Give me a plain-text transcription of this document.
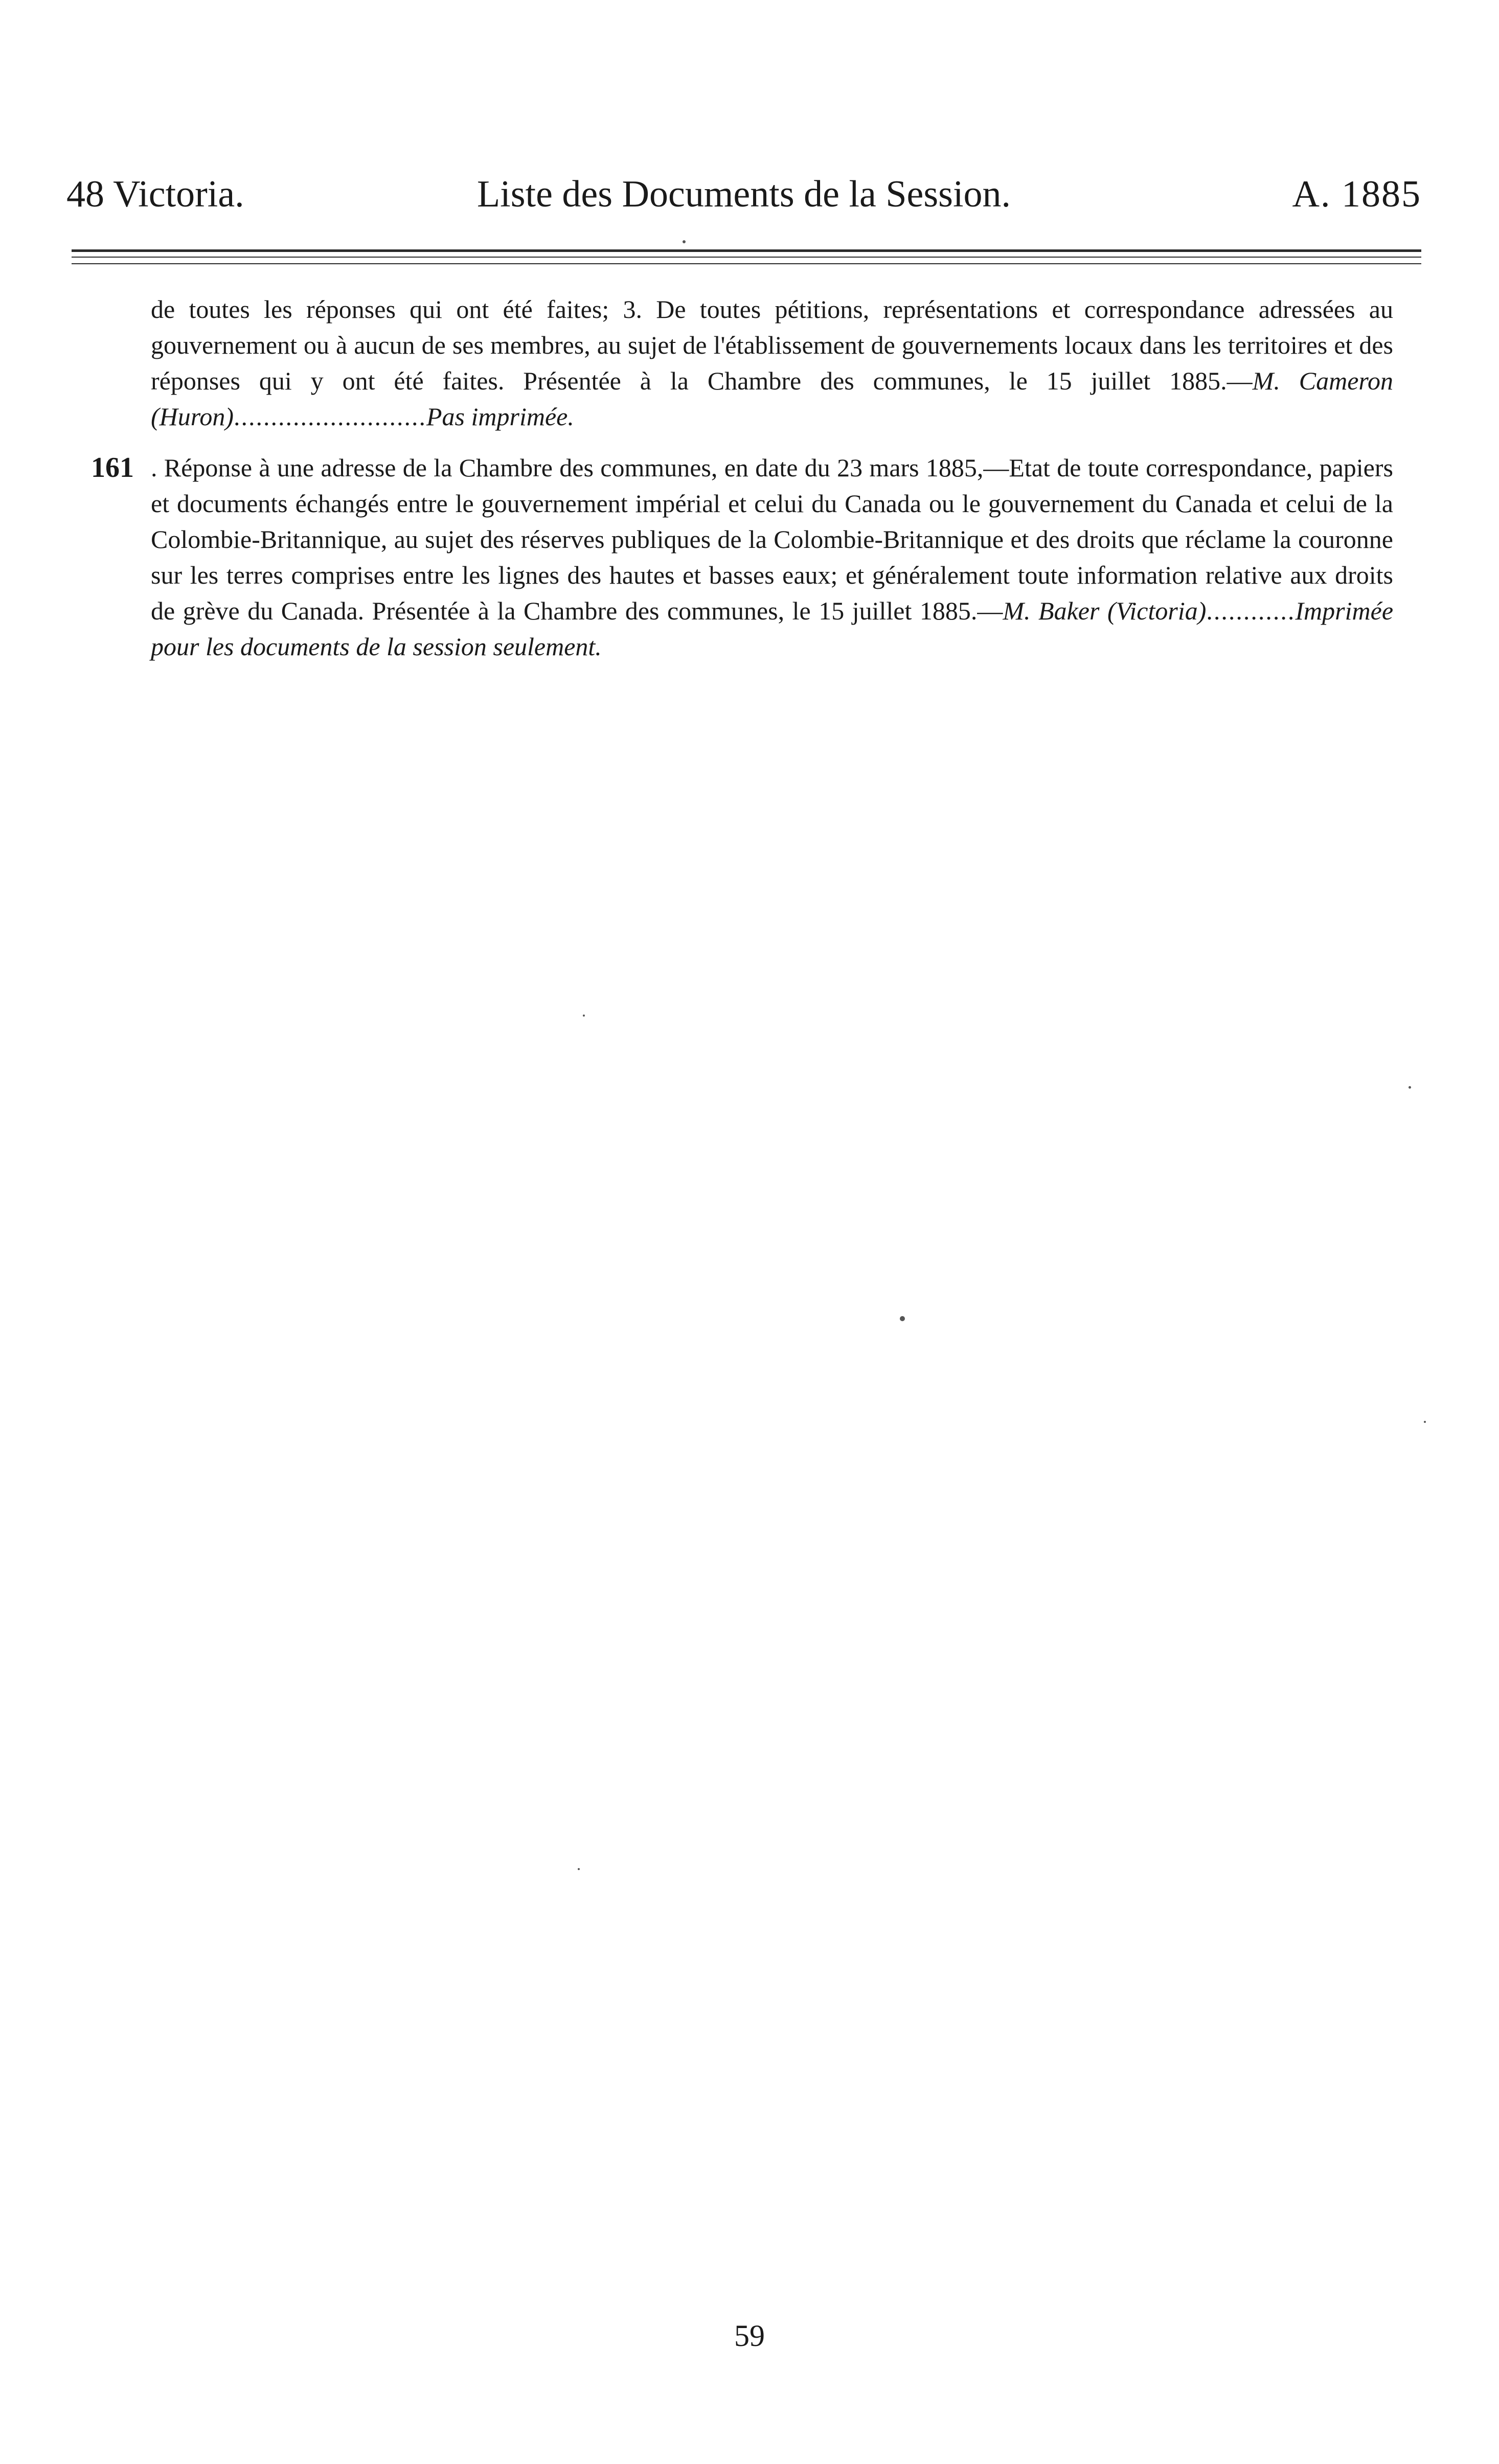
48 Victoria.	Liste des Documents de la Session.	A. 1885
de toutes les réponses qui ont été faites; 3. De toutes pétitions, représentations et correspondance adressées au gouvernement ou à aucun de ses membres, au sujet de l'établissement de gouvernements locaux dans les territoires et des réponses qui y ont été faites. Présentée à la Chambre des communes, le 15 juillet 1885.—M. Cameron (Huron)..........................Pas imprimée.
161 . Réponse à une adresse de la Chambre des communes, en date du 23 mars 1885,—Etat de toute correspondance, papiers et documents échangés entre le gouvernement impérial et celui du Canada ou le gouvernement du Canada et celui de la Colombie-Britannique, au sujet des réserves publiques de la Colombie-Britannique et des droits que réclame la couronne sur les terres comprises entre les lignes des hautes et basses eaux; et généralement toute information relative aux droits de grève du Canada. Présentée à la Chambre des communes, le 15 juillet 1885.—M. Baker (Victoria)............Imprimée pour les documents de la session seulement.
59
